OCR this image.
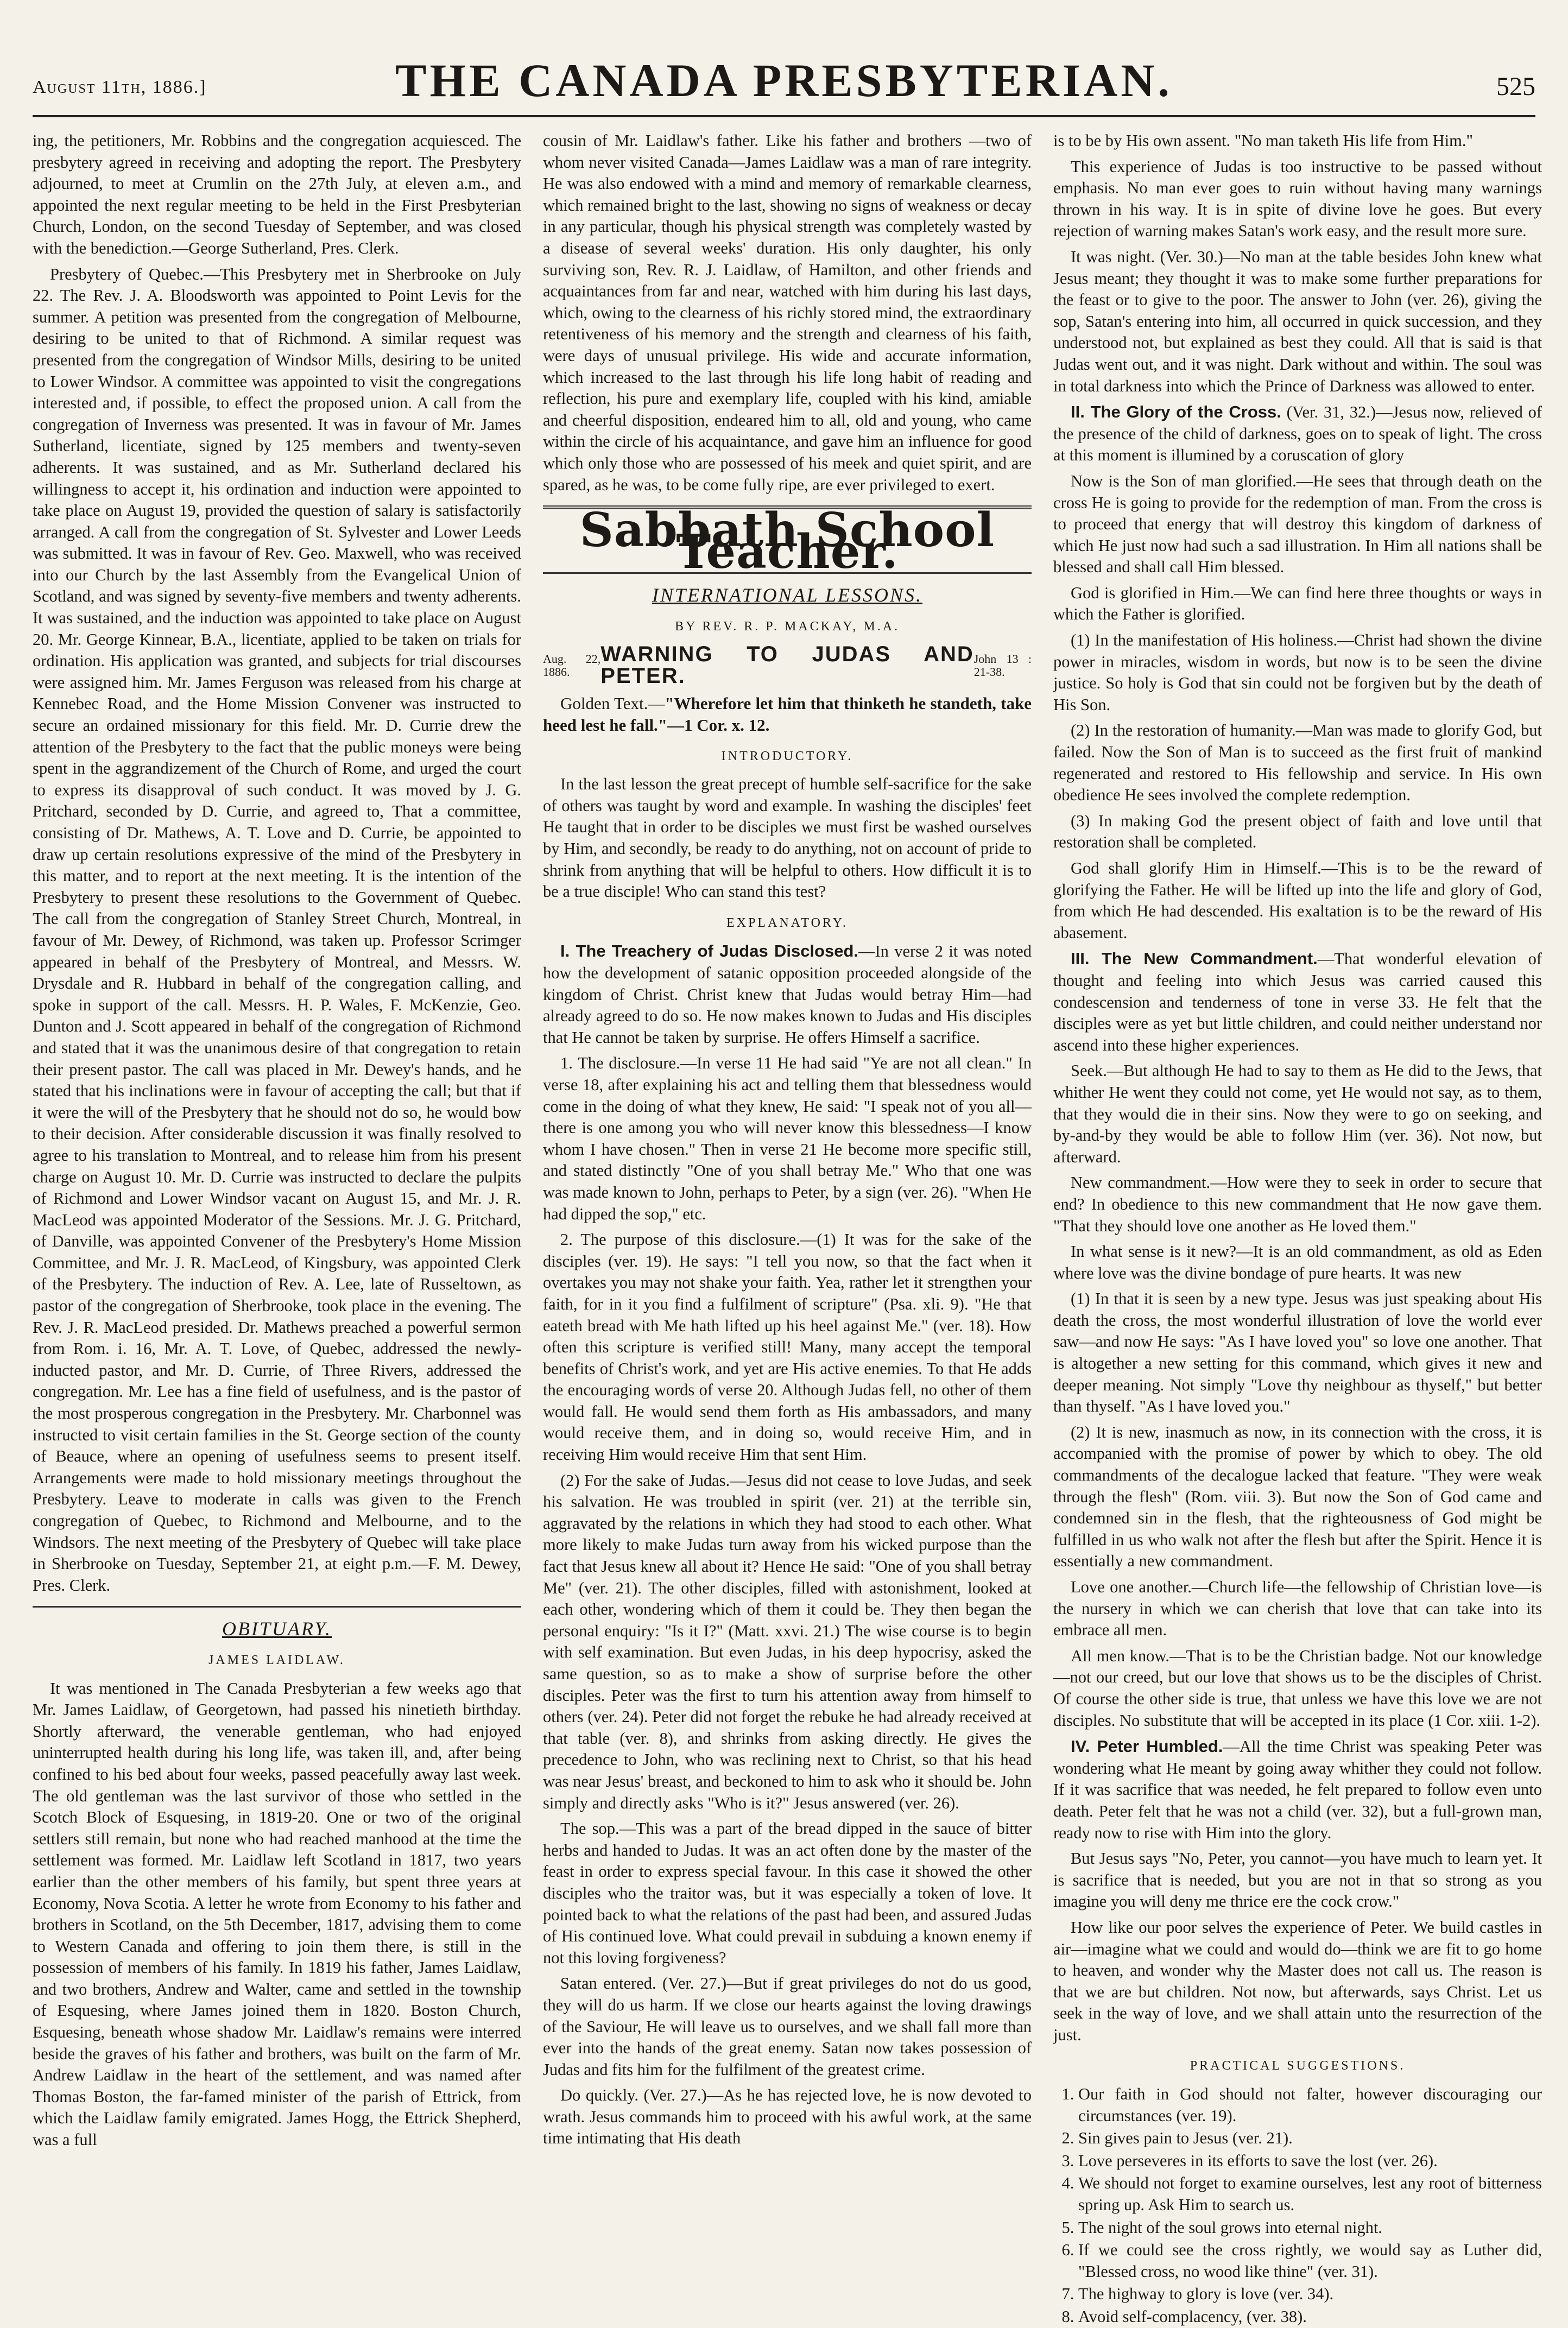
August 11th, 1886.]	THE CANADA PRESBYTERIAN.	525

ing, the petitioners, Mr. Robbins and the congregation acquiesced. The presbytery agreed in receiving and adopting the report. The Presbytery adjourned, to meet at Crumlin on the 27th July, at eleven a.m., and appointed the next regular meeting to be held in the First Presbyterian Church, London, on the second Tuesday of September, and was closed with the benediction.—George Sutherland, Pres. Clerk.

Presbytery of Quebec.—This Presbytery met in Sherbrooke on July 22. The Rev. J. A. Bloodsworth was appointed to Point Levis for the summer. A petition was presented from the congregation of Melbourne, desiring to be united to that of Richmond. A similar request was presented from the congregation of Windsor Mills, desiring to be united to Lower Windsor. A committee was appointed to visit the congregations interested and, if possible, to effect the proposed union. A call from the congregation of Inverness was presented. It was in favour of Mr. James Sutherland, licentiate, signed by 125 members and twenty-seven adherents. It was sustained, and as Mr. Sutherland declared his willingness to accept it, his ordination and induction were appointed to take place on August 19, provided the question of salary is satisfactorily arranged. A call from the congregation of St. Sylvester and Lower Leeds was submitted. It was in favour of Rev. Geo. Maxwell, who was received into our Church by the last Assembly from the Evangelical Union of Scotland, and was signed by seventy-five members and twenty adherents. It was sustained, and the induction was appointed to take place on August 20. Mr. George Kinnear, B.A., licentiate, applied to be taken on trials for ordination. His application was granted, and subjects for trial discourses were assigned him. Mr. James Ferguson was released from his charge at Kennebec Road, and the Home Mission Convener was instructed to secure an ordained missionary for this field. Mr. D. Currie drew the attention of the Presbytery to the fact that the public moneys were being spent in the aggrandizement of the Church of Rome, and urged the court to express its disapproval of such conduct. It was moved by J. G. Pritchard, seconded by D. Currie, and agreed to, That a committee, consisting of Dr. Mathews, A. T. Love and D. Currie, be appointed to draw up certain resolutions expressive of the mind of the Presbytery in this matter, and to report at the next meeting. It is the intention of the Presbytery to present these resolutions to the Government of Quebec. The call from the congregation of Stanley Street Church, Montreal, in favour of Mr. Dewey, of Richmond, was taken up. Professor Scrimger appeared in behalf of the Presbytery of Montreal, and Messrs. W. Drysdale and R. Hubbard in behalf of the congregation calling, and spoke in support of the call. Messrs. H. P. Wales, F. McKenzie, Geo. Dunton and J. Scott appeared in behalf of the congregation of Richmond and stated that it was the unanimous desire of that congregation to retain their present pastor. The call was placed in Mr. Dewey's hands, and he stated that his inclinations were in favour of accepting the call; but that if it were the will of the Presbytery that he should not do so, he would bow to their decision. After considerable discussion it was finally resolved to agree to his translation to Montreal, and to release him from his present charge on August 10. Mr. D. Currie was instructed to declare the pulpits of Richmond and Lower Windsor vacant on August 15, and Mr. J. R. MacLeod was appointed Moderator of the Sessions. Mr. J. G. Pritchard, of Danville, was appointed Convener of the Presbytery's Home Mission Committee, and Mr. J. R. MacLeod, of Kingsbury, was appointed Clerk of the Presbytery. The induction of Rev. A. Lee, late of Russeltown, as pastor of the congregation of Sherbrooke, took place in the evening. The Rev. J. R. MacLeod presided. Dr. Mathews preached a powerful sermon from Rom. i. 16, Mr. A. T. Love, of Quebec, addressed the newly-inducted pastor, and Mr. D. Currie, of Three Rivers, addressed the congregation. Mr. Lee has a fine field of usefulness, and is the pastor of the most prosperous congregation in the Presbytery. Mr. Charbonnel was instructed to visit certain families in the St. George section of the county of Beauce, where an opening of usefulness seems to present itself. Arrangements were made to hold missionary meetings throughout the Presbytery. Leave to moderate in calls was given to the French congregation of Quebec, to Richmond and Melbourne, and to the Windsors. The next meeting of the Presbytery of Quebec will take place in Sherbrooke on Tuesday, September 21, at eight p.m.—F. M. Dewey, Pres. Clerk.

OBITUARY.
JAMES LAIDLAW.

It was mentioned in The Canada Presbyterian a few weeks ago that Mr. James Laidlaw, of Georgetown, had passed his ninetieth birthday. Shortly afterward, the venerable gentleman, who had enjoyed uninterrupted health during his long life, was taken ill, and, after being confined to his bed about four weeks, passed peacefully away last week. The old gentleman was the last survivor of those who settled in the Scotch Block of Esquesing, in 1819-20. One or two of the original settlers still remain, but none who had reached manhood at the time the settlement was formed. Mr. Laidlaw left Scotland in 1817, two years earlier than the other members of his family, but spent three years at Economy, Nova Scotia. A letter he wrote from Economy to his father and brothers in Scotland, on the 5th December, 1817, advising them to come to Western Canada and offering to join them there, is still in the possession of members of his family. In 1819 his father, James Laidlaw, and two brothers, Andrew and Walter, came and settled in the township of Esquesing, where James joined them in 1820. Boston Church, Esquesing, beneath whose shadow Mr. Laidlaw's remains were interred beside the graves of his father and brothers, was built on the farm of Mr. Andrew Laidlaw in the heart of the settlement, and was named after Thomas Boston, the far-famed minister of the parish of Ettrick, from which the Laidlaw family emigrated. James Hogg, the Ettrick Shepherd, was a full

cousin of Mr. Laidlaw's father. Like his father and brothers —two of whom never visited Canada—James Laidlaw was a man of rare integrity. He was also endowed with a mind and memory of remarkable clearness, which remained bright to the last, showing no signs of weakness or decay in any particular, though his physical strength was completely wasted by a disease of several weeks' duration. His only daughter, his only surviving son, Rev. R. J. Laidlaw, of Hamilton, and other friends and acquaintances from far and near, watched with him during his last days, which, owing to the clearness of his richly stored mind, the extraordinary retentiveness of his memory and the strength and clearness of his faith, were days of unusual privilege. His wide and accurate information, which increased to the last through his life long habit of reading and reflection, his pure and exemplary life, coupled with his kind, amiable and cheerful disposition, endeared him to all, old and young, who came within the circle of his acquaintance, and gave him an influence for good which only those who are possessed of his meek and quiet spirit, and are spared, as he was, to be come fully ripe, are ever privileged to exert.

Sabbath School Teacher.
INTERNATIONAL LESSONS.
BY REV. R. P. MACKAY, M.A.
Aug. 22, 1886.
WARNING TO JUDAS AND PETER.
John 13 : 21-38.

Golden Text.—"Wherefore let him that thinketh he standeth, take heed lest he fall."—1 Cor. x. 12.

INTRODUCTORY.

In the last lesson the great precept of humble self-sacrifice for the sake of others was taught by word and example. In washing the disciples' feet He taught that in order to be disciples we must first be washed ourselves by Him, and secondly, be ready to do anything, not on account of pride to shrink from anything that will be helpful to others. How difficult it is to be a true disciple! Who can stand this test?

EXPLANATORY.

I. The Treachery of Judas Disclosed.—In verse 2 it was noted how the development of satanic opposition proceeded alongside of the kingdom of Christ. Christ knew that Judas would betray Him—had already agreed to do so. He now makes known to Judas and His disciples that He cannot be taken by surprise. He offers Himself a sacrifice.

1. The disclosure.—In verse 11 He had said "Ye are not all clean." In verse 18, after explaining his act and telling them that blessedness would come in the doing of what they knew, He said: "I speak not of you all—there is one among you who will never know this blessedness—I know whom I have chosen." Then in verse 21 He become more specific still, and stated distinctly "One of you shall betray Me." Who that one was was made known to John, perhaps to Peter, by a sign (ver. 26). "When He had dipped the sop," etc.

2. The purpose of this disclosure.—(1) It was for the sake of the disciples (ver. 19). He says: "I tell you now, so that the fact when it overtakes you may not shake your faith. Yea, rather let it strengthen your faith, for in it you find a fulfilment of scripture" (Psa. xli. 9). "He that eateth bread with Me hath lifted up his heel against Me." (ver. 18). How often this scripture is verified still! Many, many accept the temporal benefits of Christ's work, and yet are His active enemies. To that He adds the encouraging words of verse 20. Although Judas fell, no other of them would fall. He would send them forth as His ambassadors, and many would receive them, and in doing so, would receive Him, and in receiving Him would receive Him that sent Him.

(2) For the sake of Judas.—Jesus did not cease to love Judas, and seek his salvation. He was troubled in spirit (ver. 21) at the terrible sin, aggravated by the relations in which they had stood to each other. What more likely to make Judas turn away from his wicked purpose than the fact that Jesus knew all about it? Hence He said: "One of you shall betray Me" (ver. 21). The other disciples, filled with astonishment, looked at each other, wondering which of them it could be. They then began the personal enquiry: "Is it I?" (Matt. xxvi. 21.) The wise course is to begin with self examination. But even Judas, in his deep hypocrisy, asked the same question, so as to make a show of surprise before the other disciples. Peter was the first to turn his attention away from himself to others (ver. 24). Peter did not forget the rebuke he had already received at that table (ver. 8), and shrinks from asking directly. He gives the precedence to John, who was reclining next to Christ, so that his head was near Jesus' breast, and beckoned to him to ask who it should be. John simply and directly asks "Who is it?" Jesus answered (ver. 26).

The sop.—This was a part of the bread dipped in the sauce of bitter herbs and handed to Judas. It was an act often done by the master of the feast in order to express special favour. In this case it showed the other disciples who the traitor was, but it was especially a token of love. It pointed back to what the relations of the past had been, and assured Judas of His continued love. What could prevail in subduing a known enemy if not this loving forgiveness?

Satan entered. (Ver. 27.)—But if great privileges do not do us good, they will do us harm. If we close our hearts against the loving drawings of the Saviour, He will leave us to ourselves, and we shall fall more than ever into the hands of the great enemy. Satan now takes possession of Judas and fits him for the fulfilment of the greatest crime.

Do quickly. (Ver. 27.)—As he has rejected love, he is now devoted to wrath. Jesus commands him to proceed with his awful work, at the same time intimating that His death

is to be by His own assent. "No man taketh His life from Him."

This experience of Judas is too instructive to be passed without emphasis. No man ever goes to ruin without having many warnings thrown in his way. It is in spite of divine love he goes. But every rejection of warning makes Satan's work easy, and the result more sure.

It was night. (Ver. 30.)—No man at the table besides John knew what Jesus meant; they thought it was to make some further preparations for the feast or to give to the poor. The answer to John (ver. 26), giving the sop, Satan's entering into him, all occurred in quick succession, and they understood not, but explained as best they could. All that is said is that Judas went out, and it was night. Dark without and within. The soul was in total darkness into which the Prince of Darkness was allowed to enter.

II. The Glory of the Cross. (Ver. 31, 32.)—Jesus now, relieved of the presence of the child of darkness, goes on to speak of light. The cross at this moment is illumined by a coruscation of glory

Now is the Son of man glorified.—He sees that through death on the cross He is going to provide for the redemption of man. From the cross is to proceed that energy that will destroy this kingdom of darkness of which He just now had such a sad illustration. In Him all nations shall be blessed and shall call Him blessed.

God is glorified in Him.—We can find here three thoughts or ways in which the Father is glorified.

(1) In the manifestation of His holiness.—Christ had shown the divine power in miracles, wisdom in words, but now is to be seen the divine justice. So holy is God that sin could not be forgiven but by the death of His Son.

(2) In the restoration of humanity.—Man was made to glorify God, but failed. Now the Son of Man is to succeed as the first fruit of mankind regenerated and restored to His fellowship and service. In His own obedience He sees involved the complete redemption.

(3) In making God the present object of faith and love until that restoration shall be completed.

God shall glorify Him in Himself.—This is to be the reward of glorifying the Father. He will be lifted up into the life and glory of God, from which He had descended. His exaltation is to be the reward of His abasement.

III. The New Commandment.—That wonderful elevation of thought and feeling into which Jesus was carried caused this condescension and tenderness of tone in verse 33. He felt that the disciples were as yet but little children, and could neither understand nor ascend into these higher experiences.

Seek.—But although He had to say to them as He did to the Jews, that whither He went they could not come, yet He would not say, as to them, that they would die in their sins. Now they were to go on seeking, and by-and-by they would be able to follow Him (ver. 36). Not now, but afterward.

New commandment.—How were they to seek in order to secure that end? In obedience to this new commandment that He now gave them. "That they should love one another as He loved them."

In what sense is it new?—It is an old commandment, as old as Eden where love was the divine bondage of pure hearts. It was new

(1) In that it is seen by a new type. Jesus was just speaking about His death the cross, the most wonderful illustration of love the world ever saw—and now He says: "As I have loved you" so love one another. That is altogether a new setting for this command, which gives it new and deeper meaning. Not simply "Love thy neighbour as thyself," but better than thyself. "As I have loved you."

(2) It is new, inasmuch as now, in its connection with the cross, it is accompanied with the promise of power by which to obey. The old commandments of the decalogue lacked that feature. "They were weak through the flesh" (Rom. viii. 3). But now the Son of God came and condemned sin in the flesh, that the righteousness of God might be fulfilled in us who walk not after the flesh but after the Spirit. Hence it is essentially a new commandment.

Love one another.—Church life—the fellowship of Christian love—is the nursery in which we can cherish that love that can take into its embrace all men.

All men know.—That is to be the Christian badge. Not our knowledge—not our creed, but our love that shows us to be the disciples of Christ. Of course the other side is true, that unless we have this love we are not disciples. No substitute that will be accepted in its place (1 Cor. xiii. 1-2).

IV. Peter Humbled.—All the time Christ was speaking Peter was wondering what He meant by going away whither they could not follow. If it was sacrifice that was needed, he felt prepared to follow even unto death. Peter felt that he was not a child (ver. 32), but a full-grown man, ready now to rise with Him into the glory.

But Jesus says "No, Peter, you cannot—you have much to learn yet. It is sacrifice that is needed, but you are not in that so strong as you imagine you will deny me thrice ere the cock crow."

How like our poor selves the experience of Peter. We build castles in air—imagine what we could and would do—think we are fit to go home to heaven, and wonder why the Master does not call us. The reason is that we are but children. Not now, but afterwards, says Christ. Let us seek in the way of love, and we shall attain unto the resurrection of the just.

PRACTICAL SUGGESTIONS.
1. Our faith in God should not falter, however discouraging our circumstances (ver. 19).
2. Sin gives pain to Jesus (ver. 21).
3. Love perseveres in its efforts to save the lost (ver. 26).
4. We should not forget to examine ourselves, lest any root of bitterness spring up. Ask Him to search us.
5. The night of the soul grows into eternal night.
6. If we could see the cross rightly, we would say as Luther did, "Blessed cross, no wood like thine" (ver. 31).
7. The highway to glory is love (ver. 34).
8. Avoid self-complacency, (ver. 38).
